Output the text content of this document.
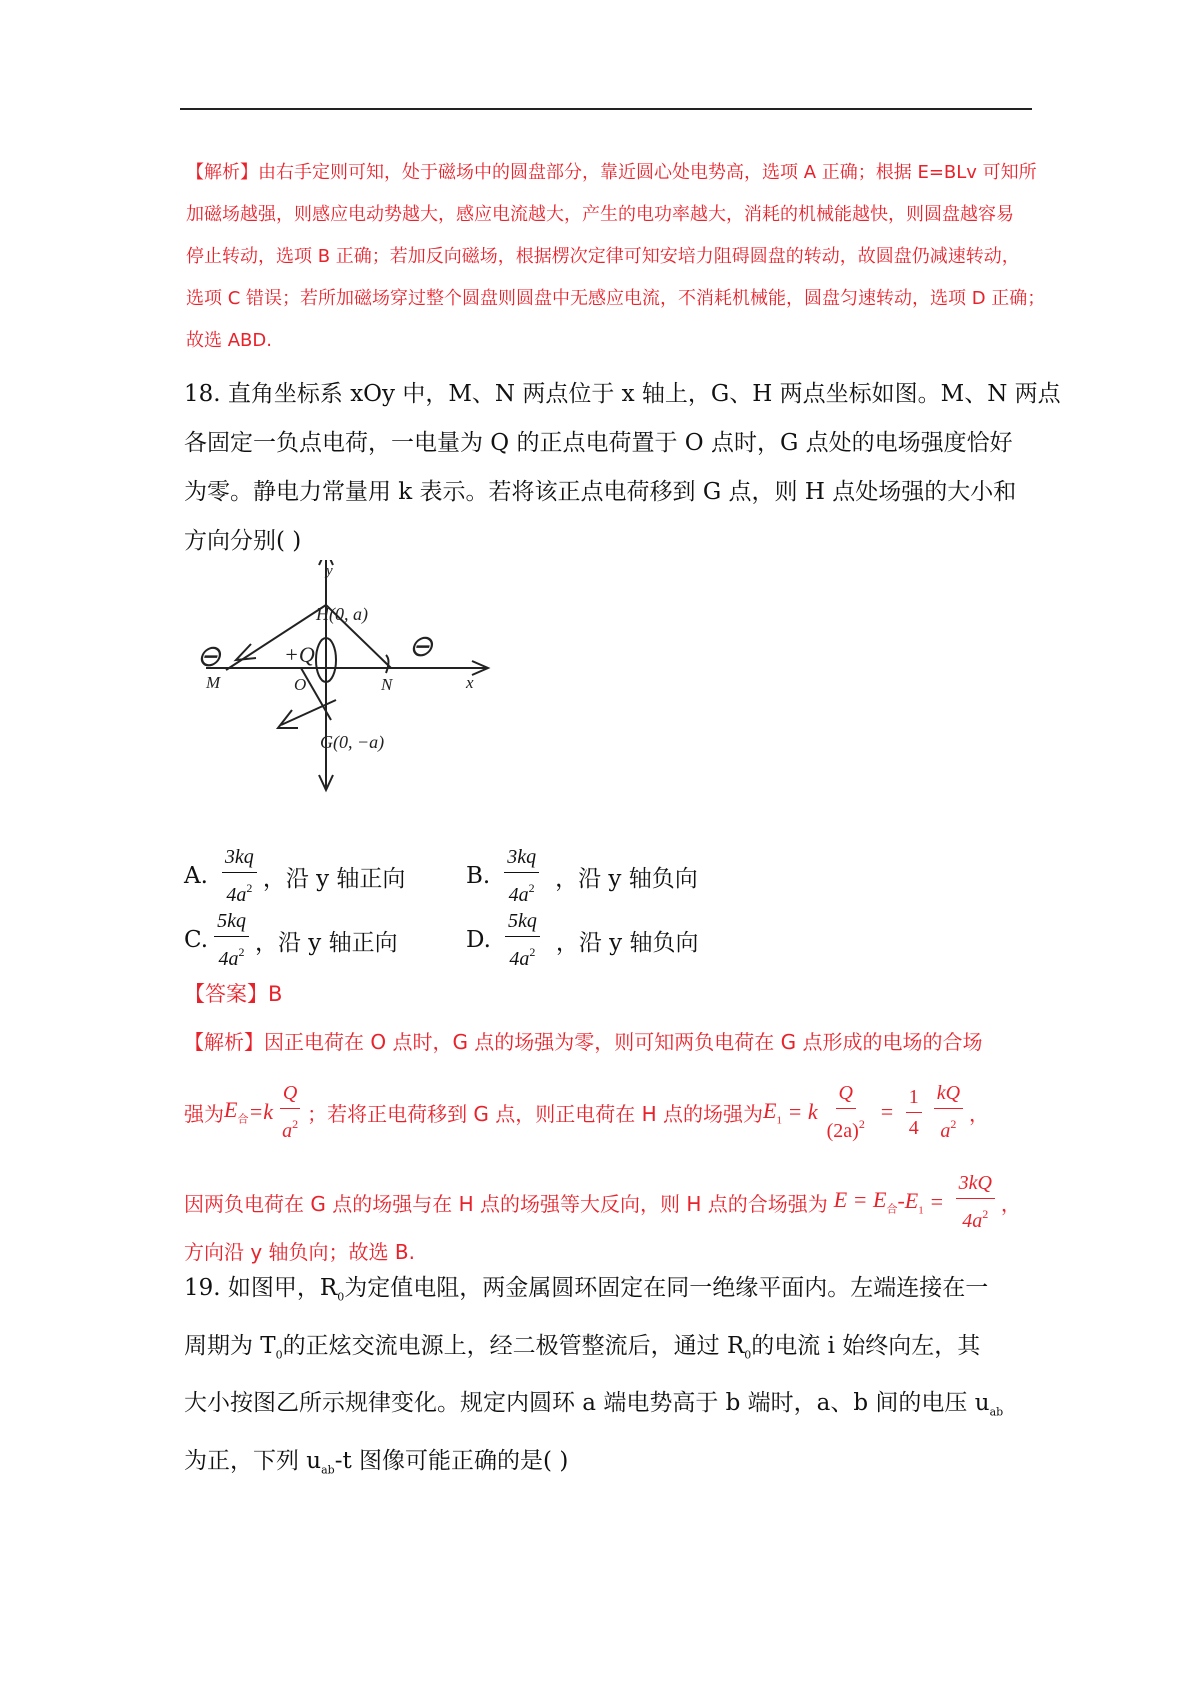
【解析】由右手定则可知，处于磁场中的圆盘部分，靠近圆心处电势高，选项 A 正确；根据 E=BLv 可知所
加磁场越强，则感应电动势越大，感应电流越大，产生的电功率越大，消耗的机械能越快，则圆盘越容易
停止转动，选项 B 正确；若加反向磁场，根据楞次定律可知安培力阻碍圆盘的转动，故圆盘仍减速转动，
选项 C 错误；若所加磁场穿过整个圆盘则圆盘中无感应电流，不消耗机械能，圆盘匀速转动，选项 D 正确；
故选 ABD.
18. 直角坐标系 xOy 中，M、N 两点位于 x 轴上，G、H 两点坐标如图。M、N 两点
各固定一负点电荷，一电量为 Q 的正点电荷置于 O 点时，G 点处的电场强度恰好
为零。静电力常量用 k 表示。若将该正点电荷移到 G 点，则 H 点处场强的大小和
方向分别( )
y
x
H(0, a)
G(0, −a)
M	N
O
+Q
⊖	⊖
A. $\frac{3kq}{4a^2}$ ，沿 y 轴正向	B. $\frac{3kq}{4a^2}$ ，沿 y 轴负向
C. $\frac{5kq}{4a^2}$ ，沿 y 轴正向	D. $\frac{5kq}{4a^2}$ ，沿 y 轴负向
【答案】B
【解析】因正电荷在 O 点时，G 点的场强为零，则可知两负电荷在 G 点形成的电场的合场
强为 $E_合 =k \frac{Q}{a^2}$ ；若将正电荷移到 G 点，则正电荷在 H 点的场强为 $E_1 = k \frac{Q}{(2a)^2} = \frac{1}{4} \frac{kQ}{a^2}$ ，
因两负电荷在 G 点的场强与在 H 点的场强等大反向，则 H 点的合场强为 $E = E_合$ $-E_1 = \frac{3kQ}{4a^2}$ ，
方向沿 y 轴负向；故选 B.
19. 如图甲，$R_0$为定值电阻，两金属圆环固定在同一绝缘平面内。左端连接在一
周期为 $T_0$的正炫交流电源上，经二极管整流后，通过 $R_0$的电流 i 始终向左，其
大小按图乙所示规律变化。规定内圆环 a 端电势高于 b 端时，a、b 间的电压 $u_{ab}$
为正，下列 $u_{ab}-t$ 图像可能正确的是( )
